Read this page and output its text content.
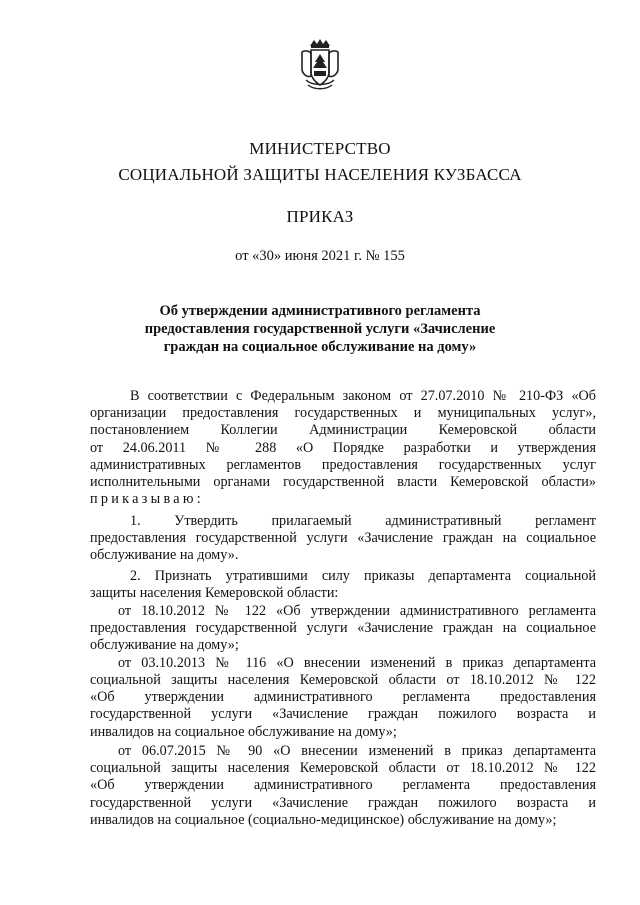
МИНИСТЕРСТВО
СОЦИАЛЬНОЙ ЗАЩИТЫ НАСЕЛЕНИЯ КУЗБАССА
ПРИКАЗ
от «30» июня 2021 г. № 155
Об утверждении административного регламента
предоставления государственной услуги «Зачисление
граждан на социальное обслуживание на дому»
В соответствии с Федеральным законом от 27.07.2010 № 210-ФЗ «Об
организации предоставления государственных и муниципальных услуг»,
постановлением Коллегии Администрации Кемеровской области
от 24.06.2011 № 288 «О Порядке разработки и утверждения
административных регламентов предоставления государственных услуг
исполнительными органами государственной власти Кемеровской области»
приказываю:
1. Утвердить прилагаемый административный регламент
предоставления государственной услуги «Зачисление граждан на социальное
обслуживание на дому».
2. Признать утратившими силу приказы департамента социальной
защиты населения Кемеровской области:
от 18.10.2012 № 122 «Об утверждении административного регламента
предоставления государственной услуги «Зачисление граждан на социальное
обслуживание на дому»;
от 03.10.2013 № 116 «О внесении изменений в приказ департамента
социальной защиты населения Кемеровской области от 18.10.2012 № 122
«Об утверждении административного регламента предоставления
государственной услуги «Зачисление граждан пожилого возраста и
инвалидов на социальное обслуживание на дому»;
от 06.07.2015 № 90 «О внесении изменений в приказ департамента
социальной защиты населения Кемеровской области от 18.10.2012 № 122
«Об утверждении административного регламента предоставления
государственной услуги «Зачисление граждан пожилого возраста и
инвалидов на социальное (социально-медицинское) обслуживание на дому»;
